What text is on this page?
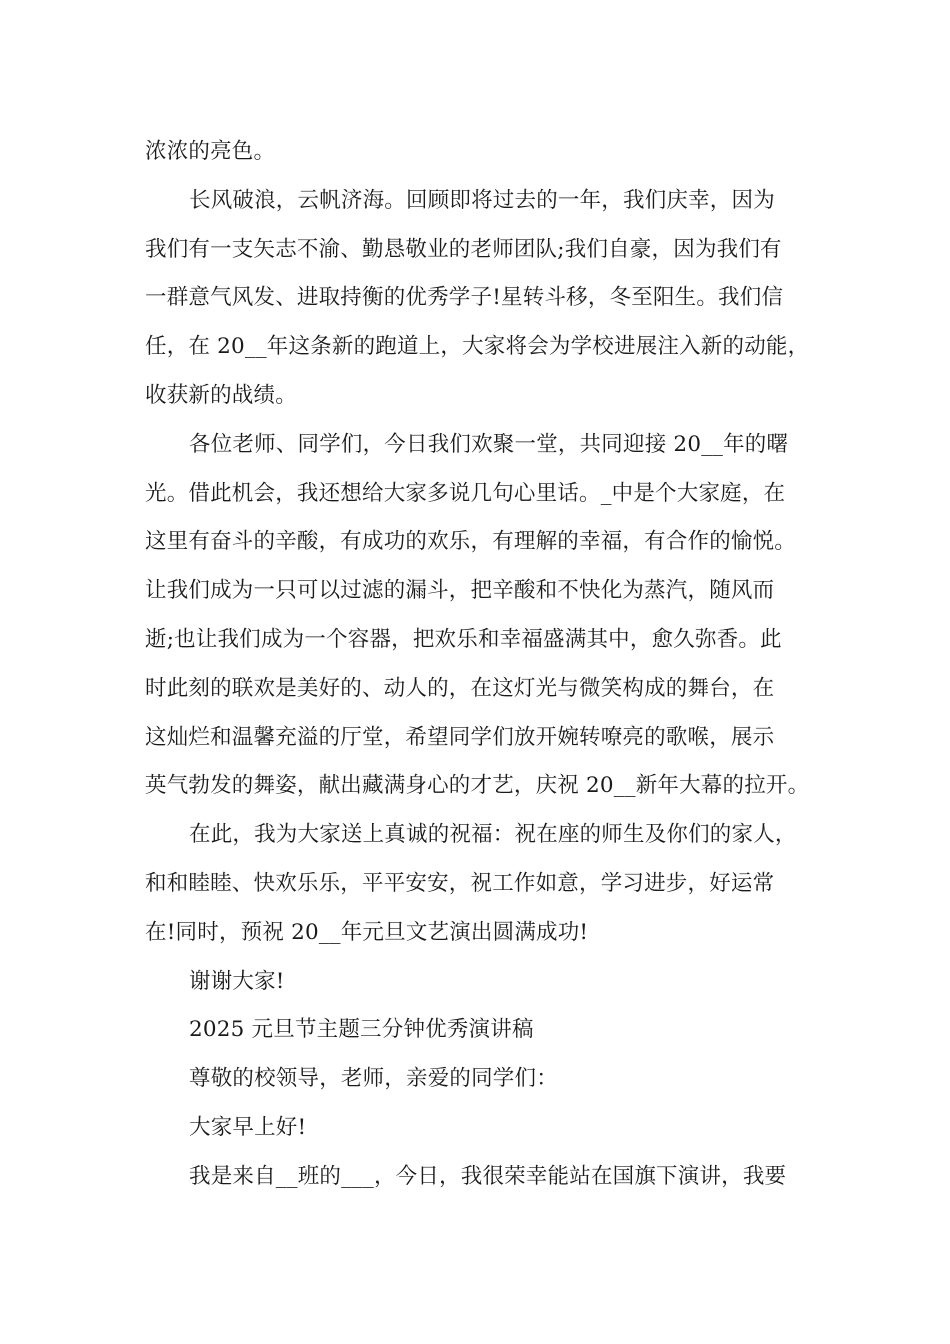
浓浓的亮色。
长风破浪，云帆济海。回顾即将过去的一年，我们庆幸，因为
我们有一支矢志不渝、勤恳敬业的老师团队;我们自豪，因为我们有
一群意气风发、进取持衡的优秀学子!星转斗移，冬至阳生。我们信
任，在 20__年这条新的跑道上，大家将会为学校进展注入新的动能，
收获新的战绩。
各位老师、同学们，今日我们欢聚一堂，共同迎接 20__年的曙
光。借此机会，我还想给大家多说几句心里话。_中是个大家庭，在
这里有奋斗的辛酸，有成功的欢乐，有理解的幸福，有合作的愉悦。
让我们成为一只可以过滤的漏斗，把辛酸和不快化为蒸汽，随风而
逝;也让我们成为一个容器，把欢乐和幸福盛满其中，愈久弥香。此
时此刻的联欢是美好的、动人的，在这灯光与微笑构成的舞台，在
这灿烂和温馨充溢的厅堂，希望同学们放开婉转嘹亮的歌喉，展示
英气勃发的舞姿，献出藏满身心的才艺，庆祝 20__新年大幕的拉开。
在此，我为大家送上真诚的祝福：祝在座的师生及你们的家人，
和和睦睦、快欢乐乐，平平安安，祝工作如意，学习进步，好运常
在!同时，预祝 20__年元旦文艺演出圆满成功!
谢谢大家!
2025 元旦节主题三分钟优秀演讲稿
尊敬的校领导，老师，亲爱的同学们：
大家早上好!
我是来自__班的___，今日，我很荣幸能站在国旗下演讲，我要
